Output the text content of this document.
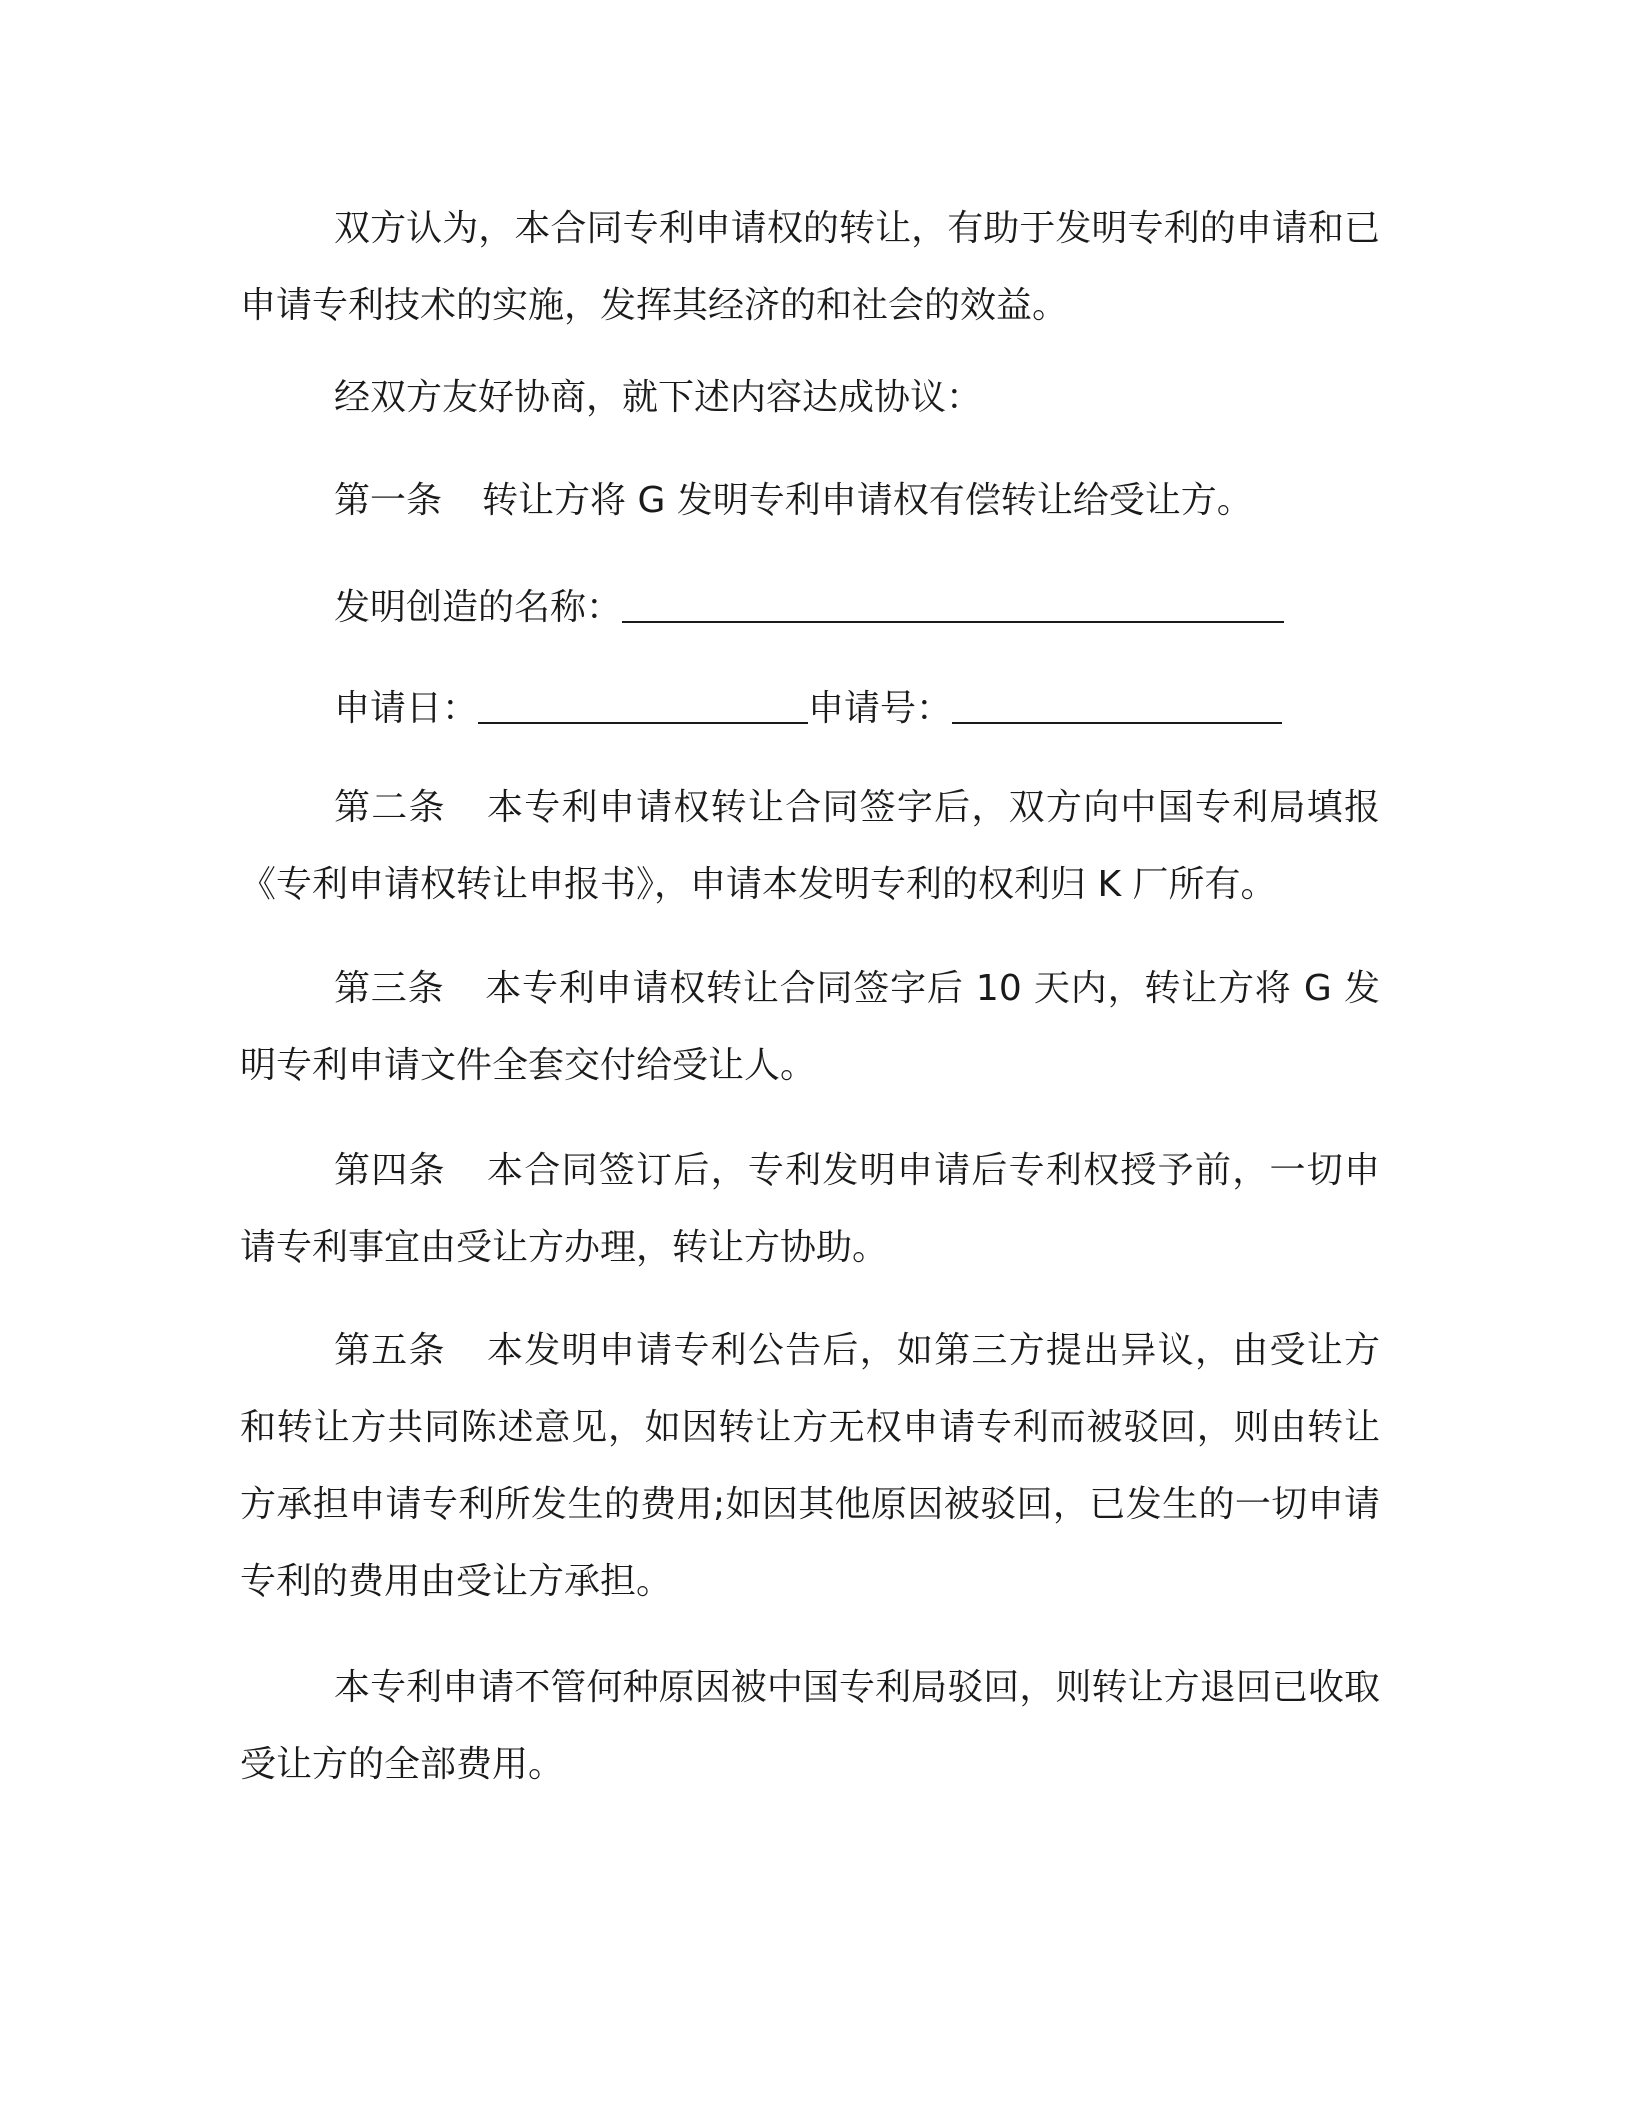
双方认为，本合同专利申请权的转让，有助于发明专利的申请和已申请专利技术的实施，发挥其经济的和社会的效益。

经双方友好协商，就下述内容达成协议：

第一条 转让方将 G 发明专利申请权有偿转让给受让方。

发明创造的名称：

申请日：	申请号：

第二条 本专利申请权转让合同签字后，双方向中国专利局填报《专利申请权转让申报书》，申请本发明专利的权利归 K 厂所有。

第三条 本专利申请权转让合同签字后 10 天内，转让方将 G 发明专利申请文件全套交付给受让人。

第四条 本合同签订后，专利发明申请后专利权授予前，一切申请专利事宜由受让方办理，转让方协助。

第五条 本发明申请专利公告后，如第三方提出异议，由受让方和转让方共同陈述意见，如因转让方无权申请专利而被驳回，则由转让方承担申请专利所发生的费用;如因其他原因被驳回，已发生的一切申请专利的费用由受让方承担。

本专利申请不管何种原因被中国专利局驳回，则转让方退回已收取受让方的全部费用。
